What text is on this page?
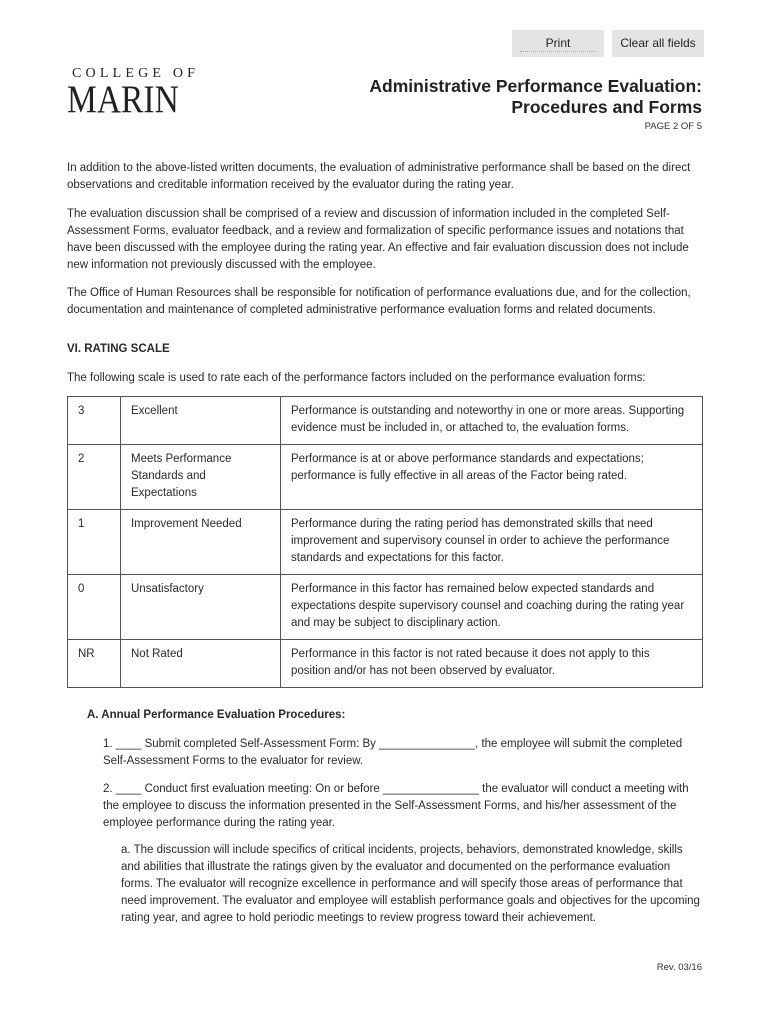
Print	Clear all fields
COLLEGE OF
MARIN	Administrative Performance Evaluation:
Procedures and Forms
PAGE 2 OF 5
In addition to the above-listed written documents, the evaluation of administrative performance shall be based on the direct observations and creditable information received by the evaluator during the rating year.
The evaluation discussion shall be comprised of a review and discussion of information included in the completed Self-Assessment Forms, evaluator feedback, and a review and formalization of specific performance issues and notations that have been discussed with the employee during the rating year. An effective and fair evaluation discussion does not include new information not previously discussed with the employee.
The Office of Human Resources shall be responsible for notification of performance evaluations due, and for the collection, documentation and maintenance of completed administrative performance evaluation forms and related documents.
VI. RATING SCALE
The following scale is used to rate each of the performance factors included on the performance evaluation forms:
3	Excellent	Performance is outstanding and noteworthy in one or more areas. Supporting evidence must be included in, or attached to, the evaluation forms.
2	Meets Performance Standards and Expectations	Performance is at or above performance standards and expectations; performance is fully effective in all areas of the Factor being rated.
1	Improvement Needed	Performance during the rating period has demonstrated skills that need improvement and supervisory counsel in order to achieve the performance standards and expectations for this factor.
0	Unsatisfactory	Performance in this factor has remained below expected standards and expectations despite supervisory counsel and coaching during the rating year and may be subject to disciplinary action.
NR	Not Rated	Performance in this factor is not rated because it does not apply to this position and/or has not been observed by evaluator.
A. Annual Performance Evaluation Procedures:
1. ____ Submit completed Self-Assessment Form: By _______________, the employee will submit the completed Self-Assessment Forms to the evaluator for review.
2. ____ Conduct first evaluation meeting: On or before _______________ the evaluator will conduct a meeting with the employee to discuss the information presented in the Self-Assessment Forms, and his/her assessment of the employee performance during the rating year.
a. The discussion will include specifics of critical incidents, projects, behaviors, demonstrated knowledge, skills and abilities that illustrate the ratings given by the evaluator and documented on the performance evaluation forms. The evaluator will recognize excellence in performance and will specify those areas of performance that need improvement. The evaluator and employee will establish performance goals and objectives for the upcoming rating year, and agree to hold periodic meetings to review progress toward their achievement.
Rev. 03/16
